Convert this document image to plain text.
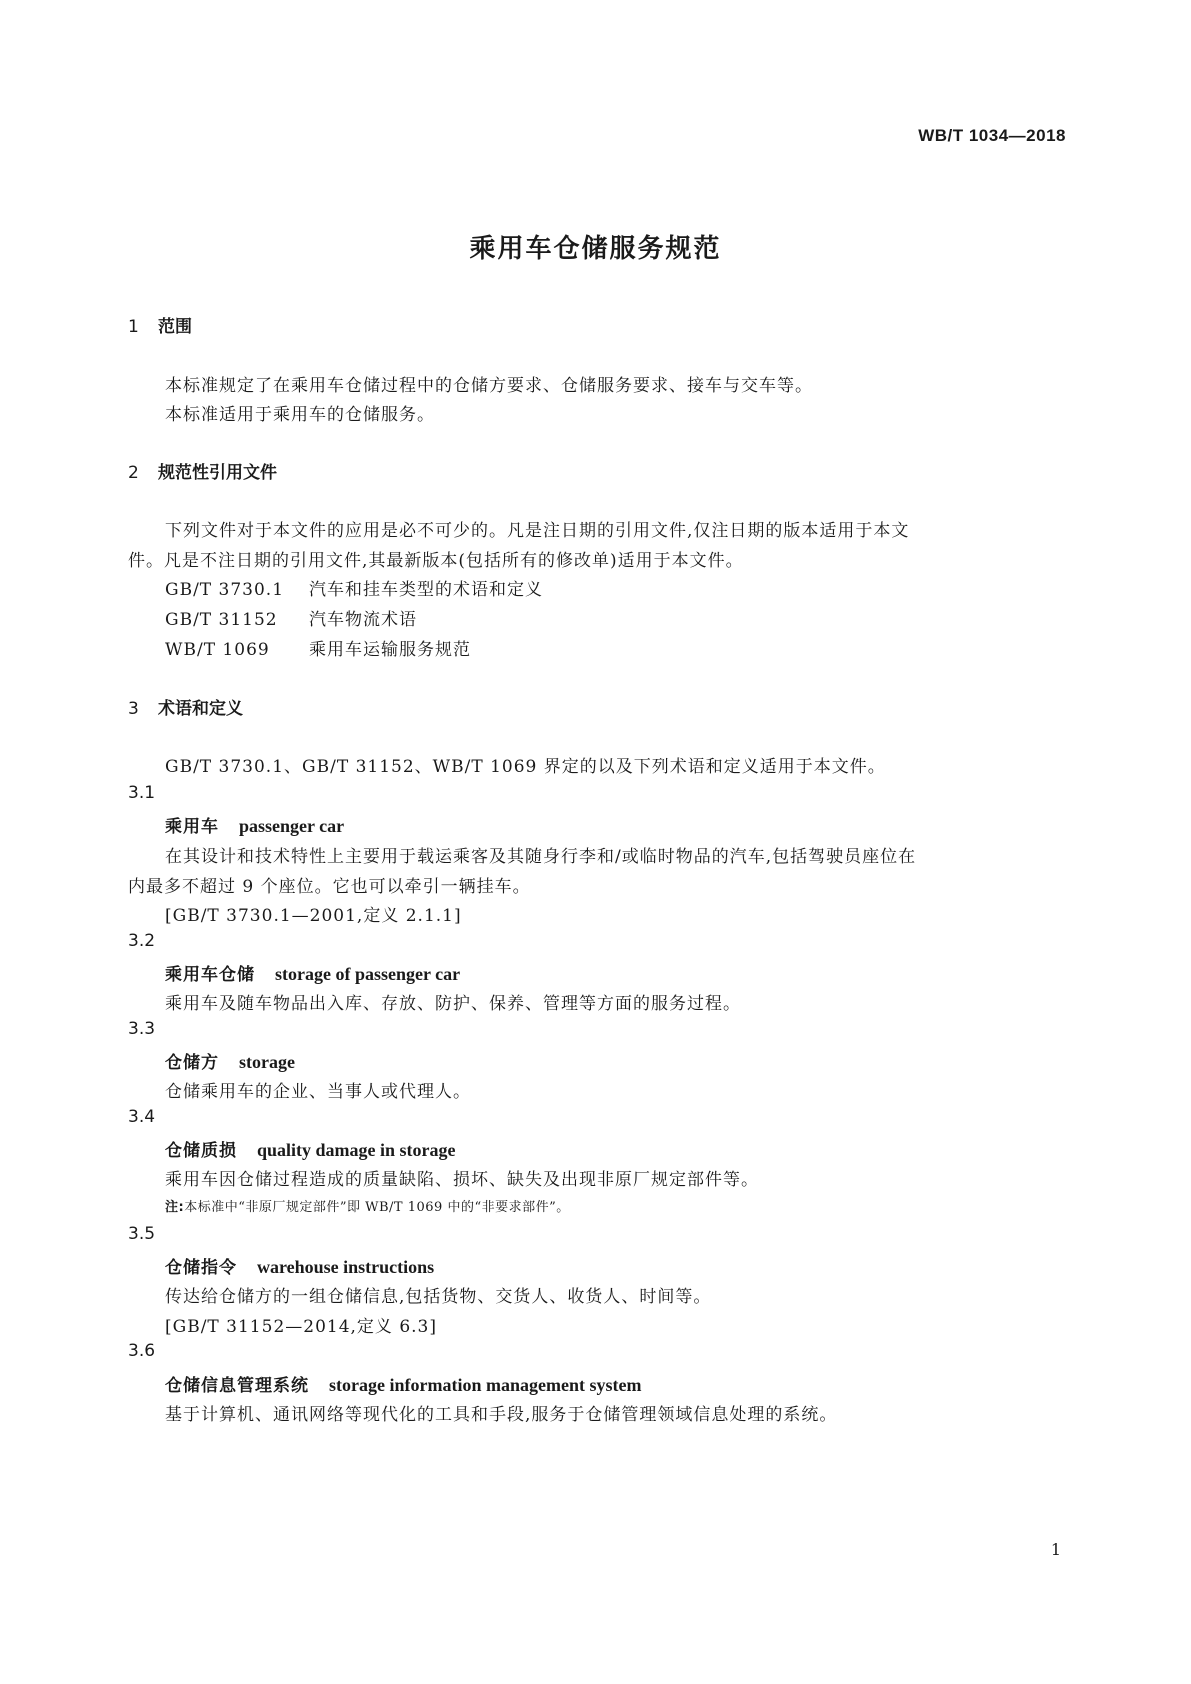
WB/T 1034—2018
乘用车仓储服务规范
1 范围
本标准规定了在乘用车仓储过程中的仓储方要求、仓储服务要求、接车与交车等。
本标准适用于乘用车的仓储服务。
2 规范性引用文件
下列文件对于本文件的应用是必不可少的。凡是注日期的引用文件,仅注日期的版本适用于本文
件。凡是不注日期的引用文件,其最新版本(包括所有的修改单)适用于本文件。
GB/T 3730.1 汽车和挂车类型的术语和定义
GB/T 31152 汽车物流术语
WB/T 1069 乘用车运输服务规范
3 术语和定义
GB/T 3730.1、GB/T 31152、WB/T 1069 界定的以及下列术语和定义适用于本文件。
3.1
乘用车 passenger car
在其设计和技术特性上主要用于载运乘客及其随身行李和/或临时物品的汽车,包括驾驶员座位在
内最多不超过 9 个座位。它也可以牵引一辆挂车。
[GB/T 3730.1—2001,定义 2.1.1]
3.2
乘用车仓储 storage of passenger car
乘用车及随车物品出入库、存放、防护、保养、管理等方面的服务过程。
3.3
仓储方 storage
仓储乘用车的企业、当事人或代理人。
3.4
仓储质损 quality damage in storage
乘用车因仓储过程造成的质量缺陷、损坏、缺失及出现非原厂规定部件等。
注:本标准中“非原厂规定部件”即 WB/T 1069 中的“非要求部件”。
3.5
仓储指令 warehouse instructions
传达给仓储方的一组仓储信息,包括货物、交货人、收货人、时间等。
[GB/T 31152—2014,定义 6.3]
3.6
仓储信息管理系统 storage information management system
基于计算机、通讯网络等现代化的工具和手段,服务于仓储管理领域信息处理的系统。
1
